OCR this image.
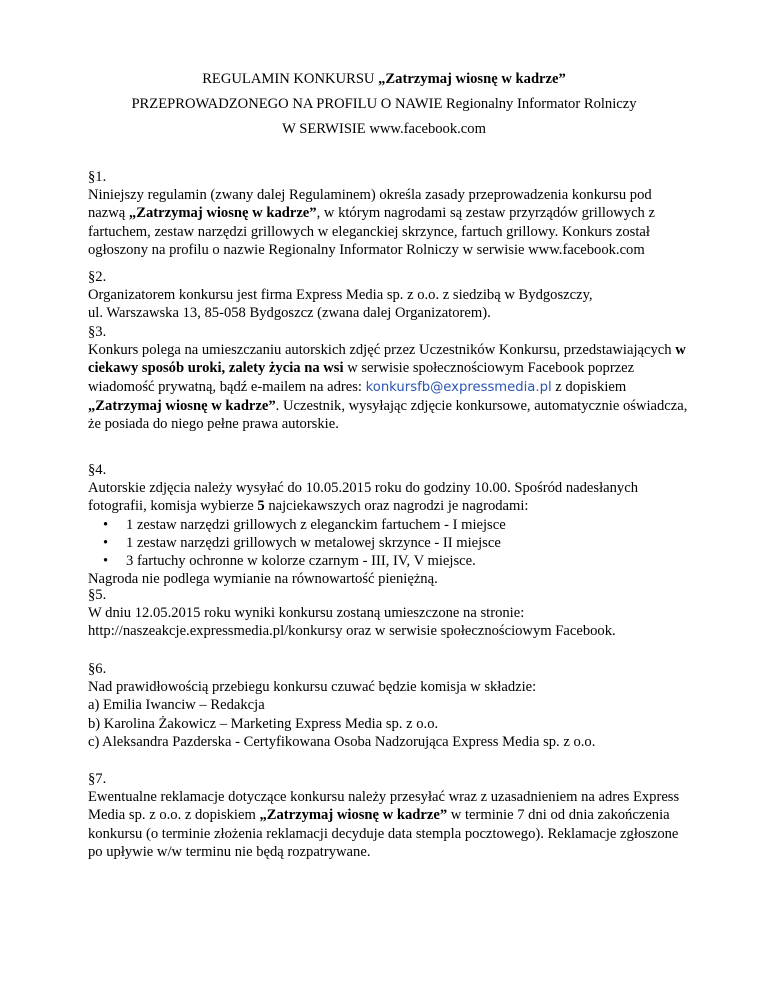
REGULAMIN KONKURSU „Zatrzymaj wiosnę w kadrze”
PRZEPROWADZONEGO NA PROFILU O NAWIE Regionalny Informator Rolniczy
W SERWISIE www.facebook.com

§1.

Niniejszy regulamin (zwany dalej Regulaminem) określa zasady przeprowadzenia konkursu pod nazwą „Zatrzymaj wiosnę w kadrze”, w którym nagrodami są zestaw przyrządów grillowych z fartuchem, zestaw narzędzi grillowych w eleganckiej skrzynce, fartuch grillowy. Konkurs został ogłoszony na profilu o nazwie Regionalny Informator Rolniczy w serwisie www.facebook.com

§2.

Organizatorem konkursu jest firma Express Media sp. z o.o. z siedzibą w Bydgoszczy,

ul. Warszawska 13, 85-058 Bydgoszcz (zwana dalej Organizatorem).

§3.

Konkurs polega na umieszczaniu autorskich zdjęć przez Uczestników Konkursu, przedstawiających w ciekawy sposób uroki, zalety życia na wsi w serwisie społecznościowym Facebook poprzez wiadomość prywatną, bądź e-mailem na adres: konkursfb@expressmedia.pl z dopiskiem „Zatrzymaj wiosnę w kadrze”. Uczestnik, wysyłając zdjęcie konkursowe, automatycznie oświadcza, że posiada do niego pełne prawa autorskie.

§4.

Autorskie zdjęcia należy wysyłać do 10.05.2015 roku do godziny 10.00. Spośród nadesłanych fotografii, komisja wybierze 5 najciekawszych oraz nagrodzi je nagrodami:

• 1 zestaw narzędzi grillowych z eleganckim fartuchem - I miejsce
• 1 zestaw narzędzi grillowych w metalowej skrzynce - II miejsce
• 3 fartuchy ochronne w kolorze czarnym - III, IV, V miejsce.

Nagroda nie podlega wymianie na równowartość pieniężną.

§5.

W dniu 12.05.2015 roku wyniki konkursu zostaną umieszczone na stronie:

http://naszeakcje.expressmedia.pl/konkursy oraz w serwisie społecznościowym Facebook.

§6.

Nad prawidłowością przebiegu konkursu czuwać będzie komisja w składzie:

a) Emilia Iwanciw – Redakcja

b) Karolina Żakowicz – Marketing Express Media sp. z o.o.

c) Aleksandra Pazderska - Certyfikowana Osoba Nadzorująca Express Media sp. z o.o.

§7.

Ewentualne reklamacje dotyczące konkursu należy przesyłać wraz z uzasadnieniem na adres Express Media sp. z o.o. z dopiskiem „Zatrzymaj wiosnę w kadrze” w terminie 7 dni od dnia zakończenia konkursu (o terminie złożenia reklamacji decyduje data stempla pocztowego). Reklamacje zgłoszone po upływie w/w terminu nie będą rozpatrywane.
